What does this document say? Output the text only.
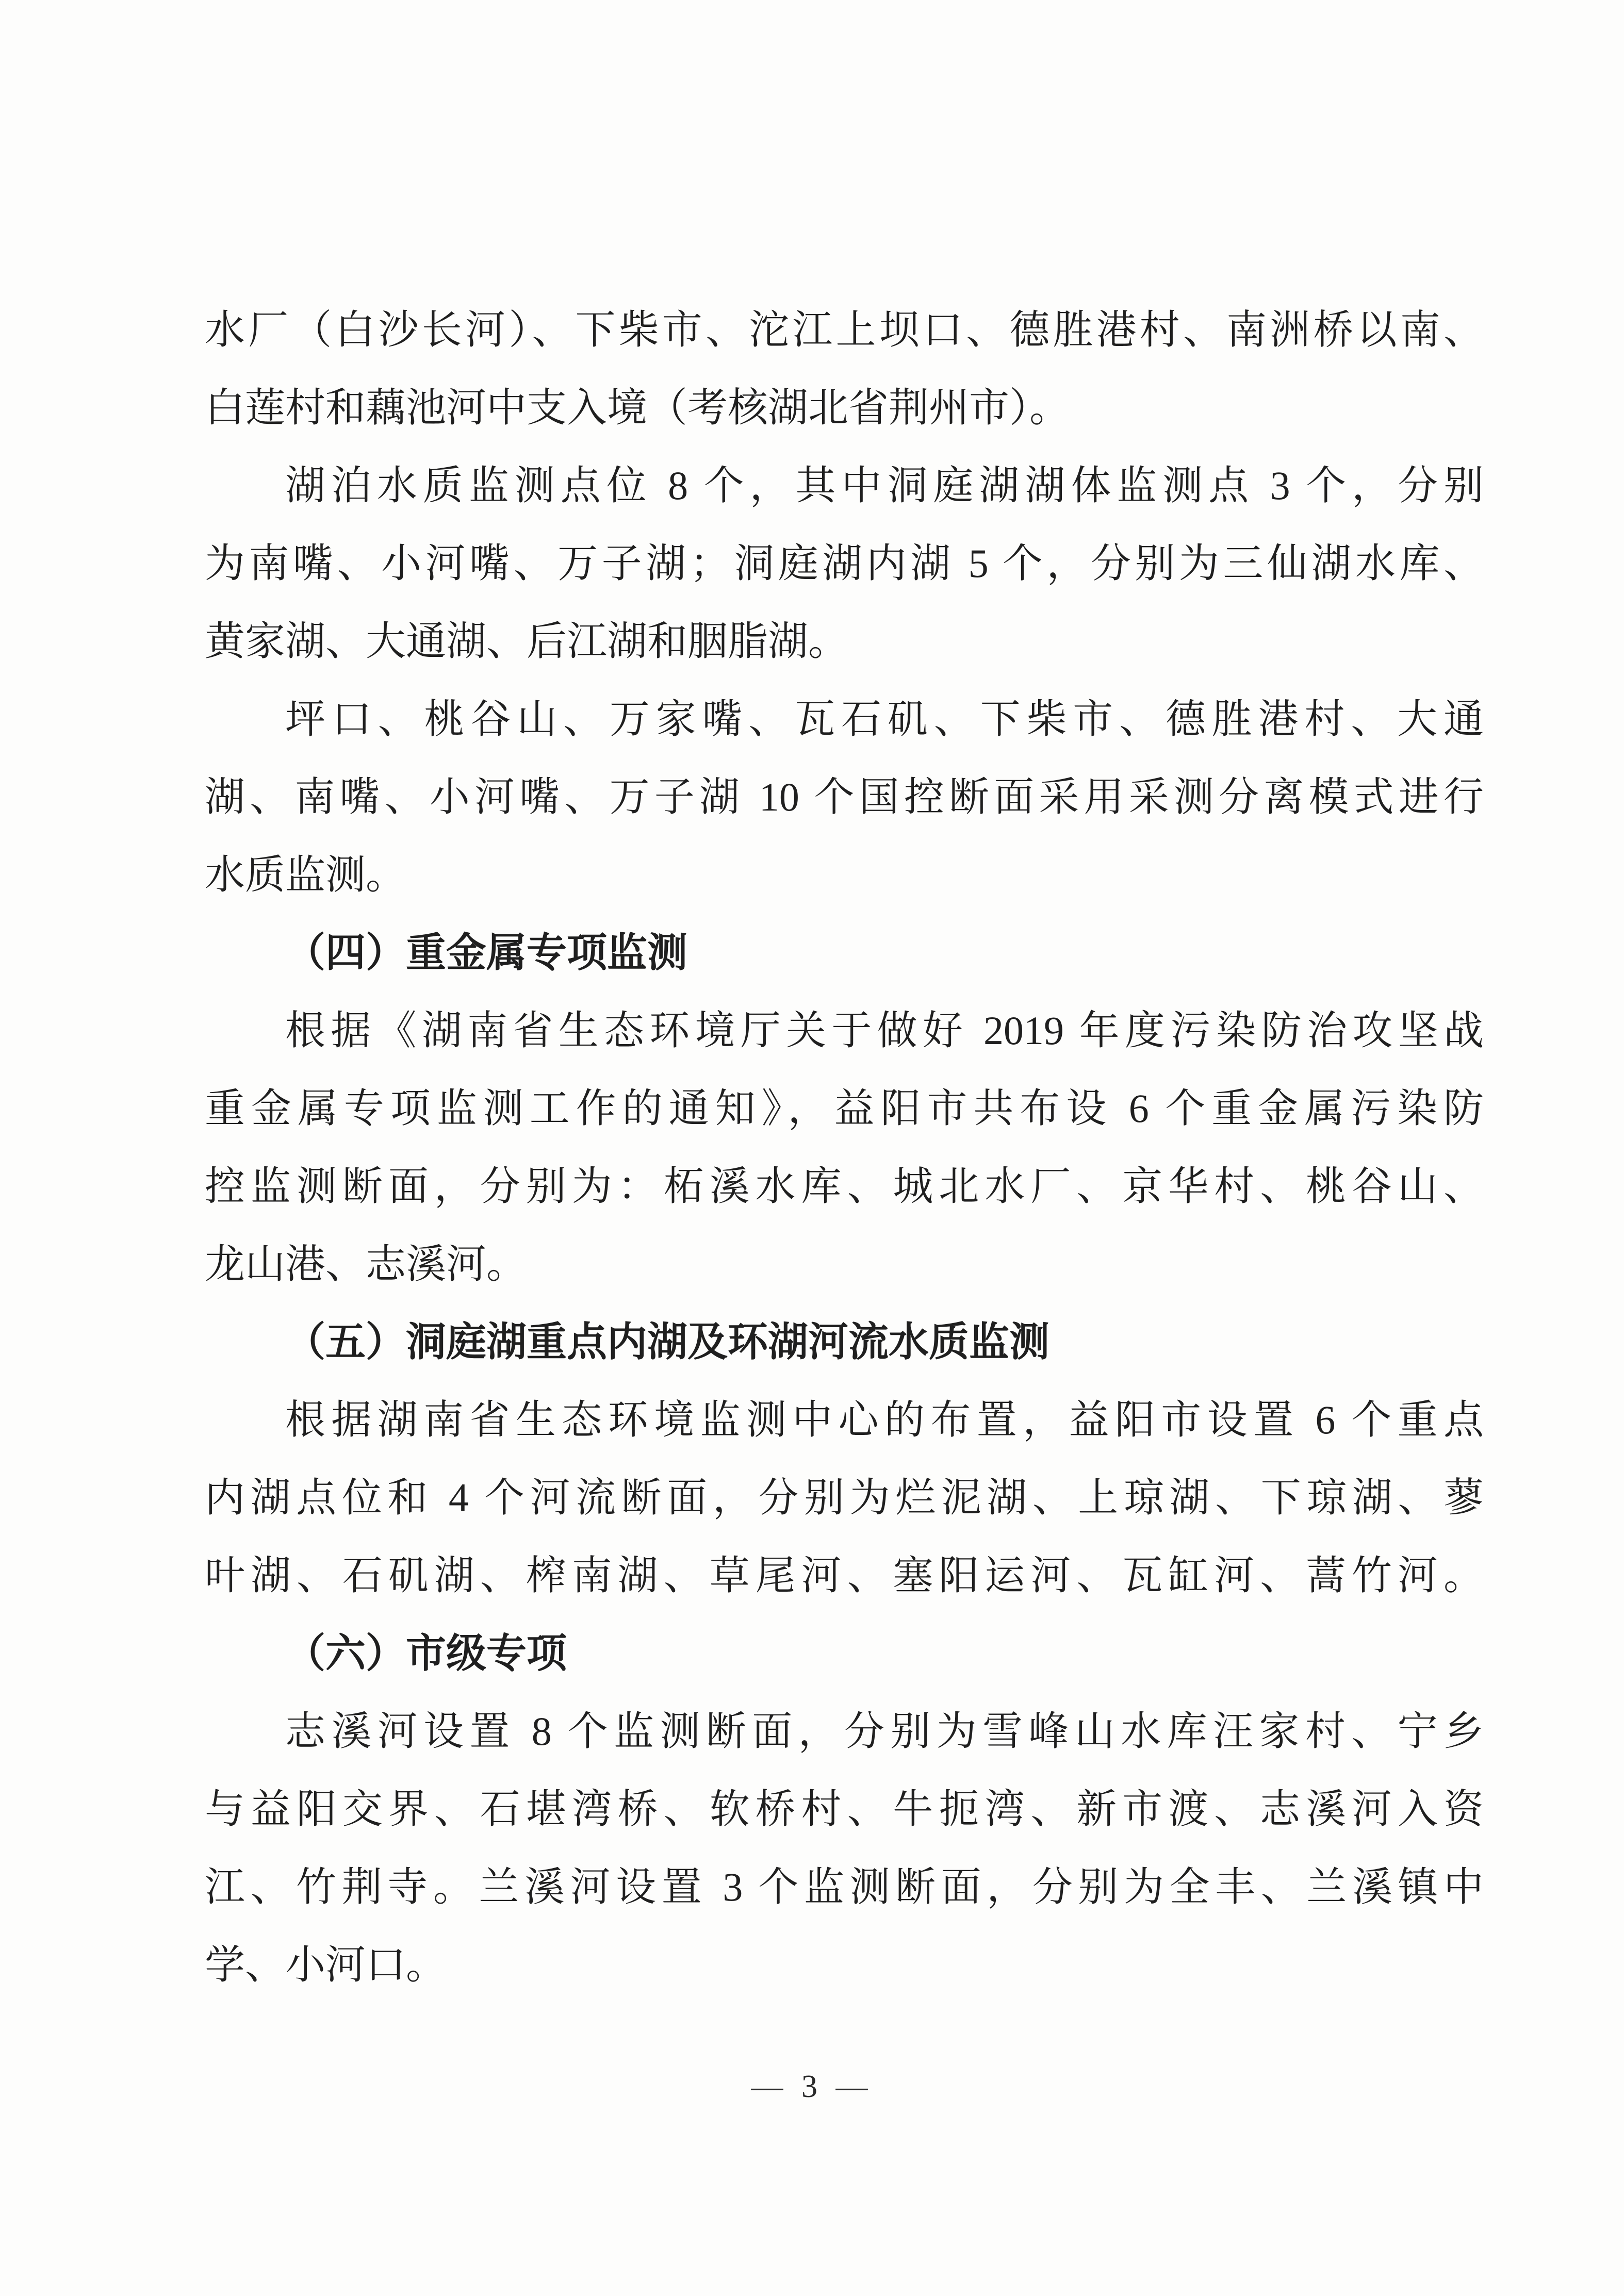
水厂（白沙长河）、下柴市、沱江上坝口、德胜港村、南洲桥以南、

白莲村和藕池河中支入境（考核湖北省荆州市）。

湖泊水质监测点位 8 个，其中洞庭湖湖体监测点 3 个，分别

为南嘴、小河嘴、万子湖；洞庭湖内湖 5 个，分别为三仙湖水库、

黄家湖、大通湖、后江湖和胭脂湖。

坪口、桃谷山、万家嘴、瓦石矶、下柴市、德胜港村、大通

湖、南嘴、小河嘴、万子湖 10 个国控断面采用采测分离模式进行

水质监测。

（四）重金属专项监测

根据《湖南省生态环境厅关于做好 2019 年度污染防治攻坚战

重金属专项监测工作的通知》，益阳市共布设 6 个重金属污染防

控监测断面，分别为：柘溪水库、城北水厂、京华村、桃谷山、

龙山港、志溪河。

（五）洞庭湖重点内湖及环湖河流水质监测

根据湖南省生态环境监测中心的布置，益阳市设置 6 个重点

内湖点位和 4 个河流断面，分别为烂泥湖、上琼湖、下琼湖、蓼

叶湖、石矶湖、榨南湖、草尾河、塞阳运河、瓦缸河、蒿竹河。

（六）市级专项

志溪河设置 8 个监测断面，分别为雪峰山水库汪家村、宁乡

与益阳交界、石堪湾桥、软桥村、牛扼湾、新市渡、志溪河入资

江、竹荆寺。兰溪河设置 3 个监测断面，分别为全丰、兰溪镇中

学、小河口。

— 3 —
